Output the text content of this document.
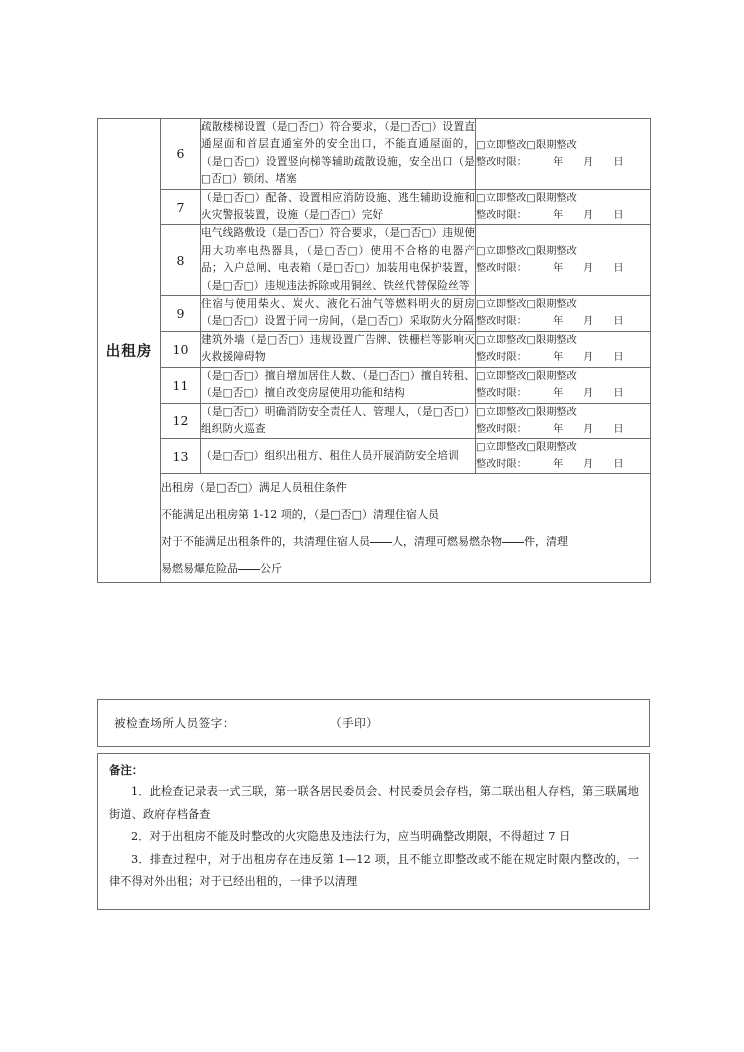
出租房	6	疏散楼梯设置（是□否□）符合要求，（是□否□）设置直通屋面和首层直通室外的安全出口，不能直通屋面的，（是□否□）设置竖向梯等辅助疏散设施，安全出口（是□否□）锁闭、堵塞	□立即整改□限期整改
整改时限： 年 月 日

	7	（是□否□）配备、设置相应消防设施、逃生辅助设施和火灾警报装置，设施（是□否□）完好	□立即整改□限期整改
整改时限： 年 月 日

	8	电气线路敷设（是□否□）符合要求，（是□否□）违规使用大功率电热器具，（是□否□）使用不合格的电器产品；入户总闸、电表箱（是□否□）加装用电保护装置，（是□否□）违规违法拆除或用铜丝、铁丝代替保险丝等	□立即整改□限期整改
整改时限： 年 月 日

	9	住宿与使用柴火、炭火、液化石油气等燃料明火的厨房（是□否□）设置于同一房间，（是□否□）采取防火分隔	□立即整改□限期整改
整改时限： 年 月 日

	10	建筑外墙（是□否□）违规设置广告牌、铁栅栏等影响灭火救援障碍物	□立即整改□限期整改
整改时限： 年 月 日

	11	（是□否□）擅自增加居住人数、（是□否□）擅自转租、（是□否□）擅自改变房屋使用功能和结构	□立即整改□限期整改
整改时限： 年 月 日

	12	（是□否□）明确消防安全责任人、管理人，（是□否□）组织防火巡查	□立即整改□限期整改
整改时限： 年 月 日

	13	（是□否□）组织出租方、租住人员开展消防安全培训	□立即整改□限期整改
整改时限： 年 月 日

	出租房（是□否□）满足人员租住条件

不能满足出租房第 1-12 项的，（是□否□）清理住宿人员

对于不能满足出租条件的，共清理住宿人员 人，清理可燃易燃杂物 件，清理

易燃易爆危险品 公斤		

被检查场所人员签字：	（手印）

备注：

1．此检查记录表一式三联，第一联各居民委员会、村民委员会存档，第二联出租人存档，第三联属地街道、政府存档备查

2．对于出租房不能及时整改的火灾隐患及违法行为，应当明确整改期限，不得超过 7 日

3．排查过程中，对于出租房存在违反第 1—12 项，且不能立即整改或不能在规定时限内整改的，一律不得对外出租；对于已经出租的，一律予以清理
